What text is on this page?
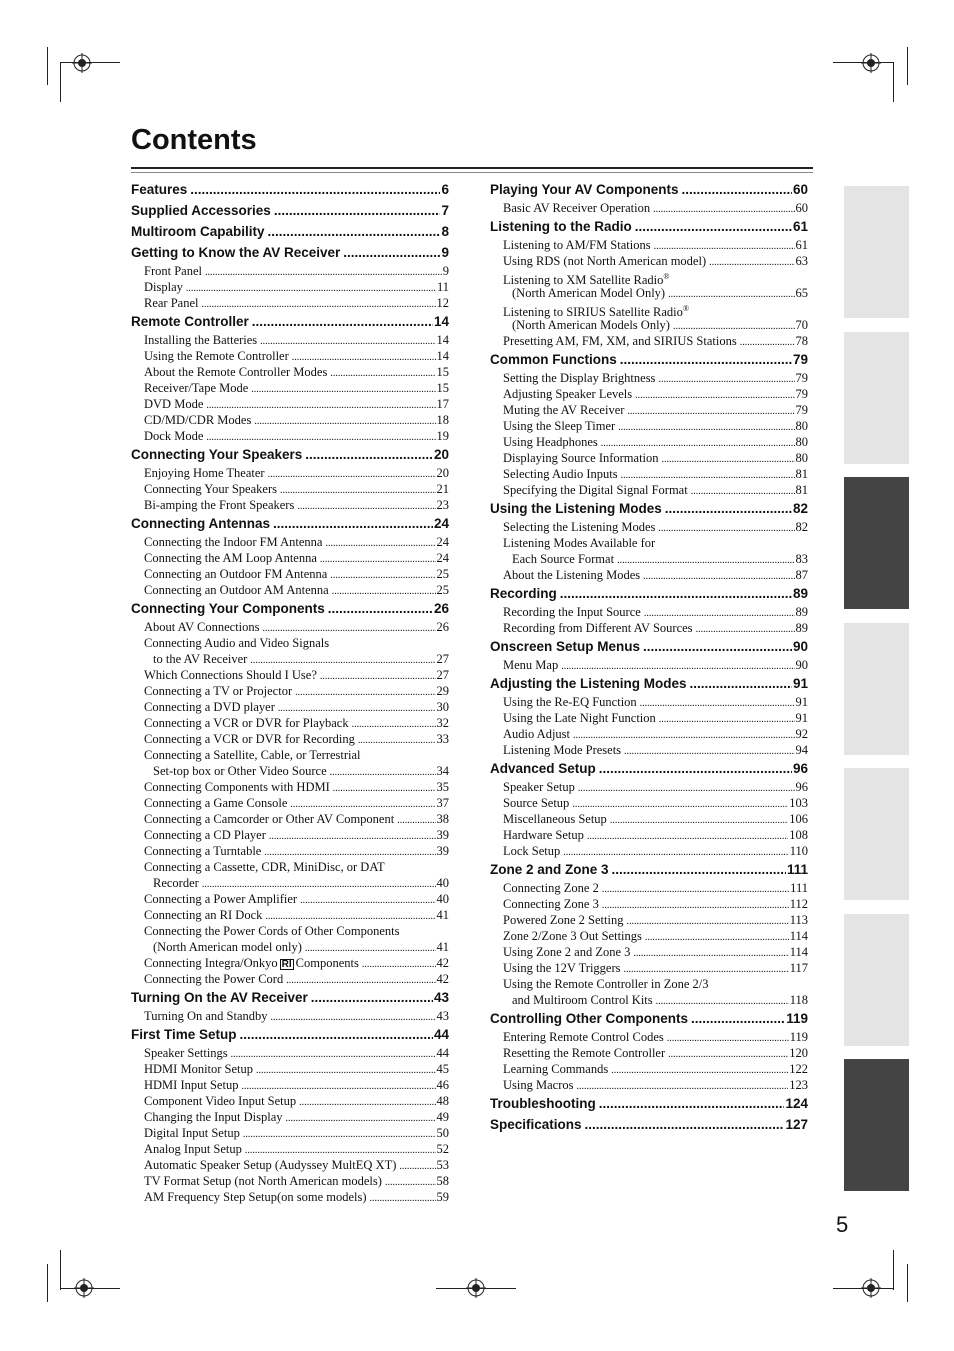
Contents
Features .....	6
Supplied Accessories .....	7
Multiroom Capability .....	8
Getting to Know the AV Receiver .....	9
Front Panel .....	9
Display .....	11
Rear Panel .....	12
Remote Controller .....	14
Installing the Batteries .....	14
Using the Remote Controller .....	14
About the Remote Controller Modes .....	15
Receiver/Tape Mode .....	15
DVD Mode .....	17
CD/MD/CDR Modes .....	18
Dock Mode .....	19
Connecting Your Speakers .....	20
Enjoying Home Theater .....	20
Connecting Your Speakers .....	21
Bi-amping the Front Speakers .....	23
Connecting Antennas .....	24
Connecting the Indoor FM Antenna .....	24
Connecting the AM Loop Antenna .....	24
Connecting an Outdoor FM Antenna .....	25
Connecting an Outdoor AM Antenna .....	25
Connecting Your Components .....	26
About AV Connections .....	26
Connecting Audio and Video Signals
to the AV Receiver .....	27
Which Connections Should I Use? .....	27
Connecting a TV or Projector .....	29
Connecting a DVD player .....	30
Connecting a VCR or DVR for Playback .....	32
Connecting a VCR or DVR for Recording .....	33
Connecting a Satellite, Cable, or Terrestrial
Set-top box or Other Video Source .....	34
Connecting Components with HDMI .....	35
Connecting a Game Console .....	37
Connecting a Camcorder or Other AV Component .....	38
Connecting a CD Player .....	39
Connecting a Turntable .....	39
Connecting a Cassette, CDR, MiniDisc, or DAT
Recorder .....	40
Connecting a Power Amplifier .....	40
Connecting an RI Dock .....	41
Connecting the Power Cords of Other Components
(North American model only) .....	41
Connecting Integra/Onkyo RI Components .....	42
Connecting the Power Cord .....	42
Turning On the AV Receiver .....	43
Turning On and Standby .....	43
First Time Setup .....	44
Speaker Settings .....	44
HDMI Monitor Setup .....	45
HDMI Input Setup .....	46
Component Video Input Setup .....	48
Changing the Input Display .....	49
Digital Input Setup .....	50
Analog Input Setup .....	52
Automatic Speaker Setup (Audyssey MultEQ XT) .....	53
TV Format Setup (not North American models) .....	58
AM Frequency Step Setup(on some models) .....	59
Playing Your AV Components .....	60
Basic AV Receiver Operation .....	60
Listening to the Radio .....	61
Listening to AM/FM Stations .....	61
Using RDS (not North American model) .....	63
Listening to XM Satellite Radio®
(North American Model Only) .....	65
Listening to SIRIUS Satellite Radio®
(North American Models Only) .....	70
Presetting AM, FM, XM, and SIRIUS Stations .....	78
Common Functions .....	79
Setting the Display Brightness .....	79
Adjusting Speaker Levels .....	79
Muting the AV Receiver .....	79
Using the Sleep Timer .....	80
Using Headphones .....	80
Displaying Source Information .....	80
Selecting Audio Inputs .....	81
Specifying the Digital Signal Format .....	81
Using the Listening Modes .....	82
Selecting the Listening Modes .....	82
Listening Modes Available for
Each Source Format .....	83
About the Listening Modes .....	87
Recording .....	89
Recording the Input Source .....	89
Recording from Different AV Sources .....	89
Onscreen Setup Menus .....	90
Menu Map .....	90
Adjusting the Listening Modes .....	91
Using the Re-EQ Function .....	91
Using the Late Night Function .....	91
Audio Adjust .....	92
Listening Mode Presets .....	94
Advanced Setup .....	96
Speaker Setup .....	96
Source Setup .....	103
Miscellaneous Setup .....	106
Hardware Setup .....	108
Lock Setup .....	110
Zone 2 and Zone 3 .....	111
Connecting Zone 2 .....	111
Connecting Zone 3 .....	112
Powered Zone 2 Setting .....	113
Zone 2/Zone 3 Out Settings .....	114
Using Zone 2 and Zone 3 .....	114
Using the 12V Triggers .....	117
Using the Remote Controller in Zone 2/3
and Multiroom Control Kits .....	118
Controlling Other Components .....	119
Entering Remote Control Codes .....	119
Resetting the Remote Controller .....	120
Learning Commands .....	122
Using Macros .....	123
Troubleshooting .....	124
Specifications .....	127
5
